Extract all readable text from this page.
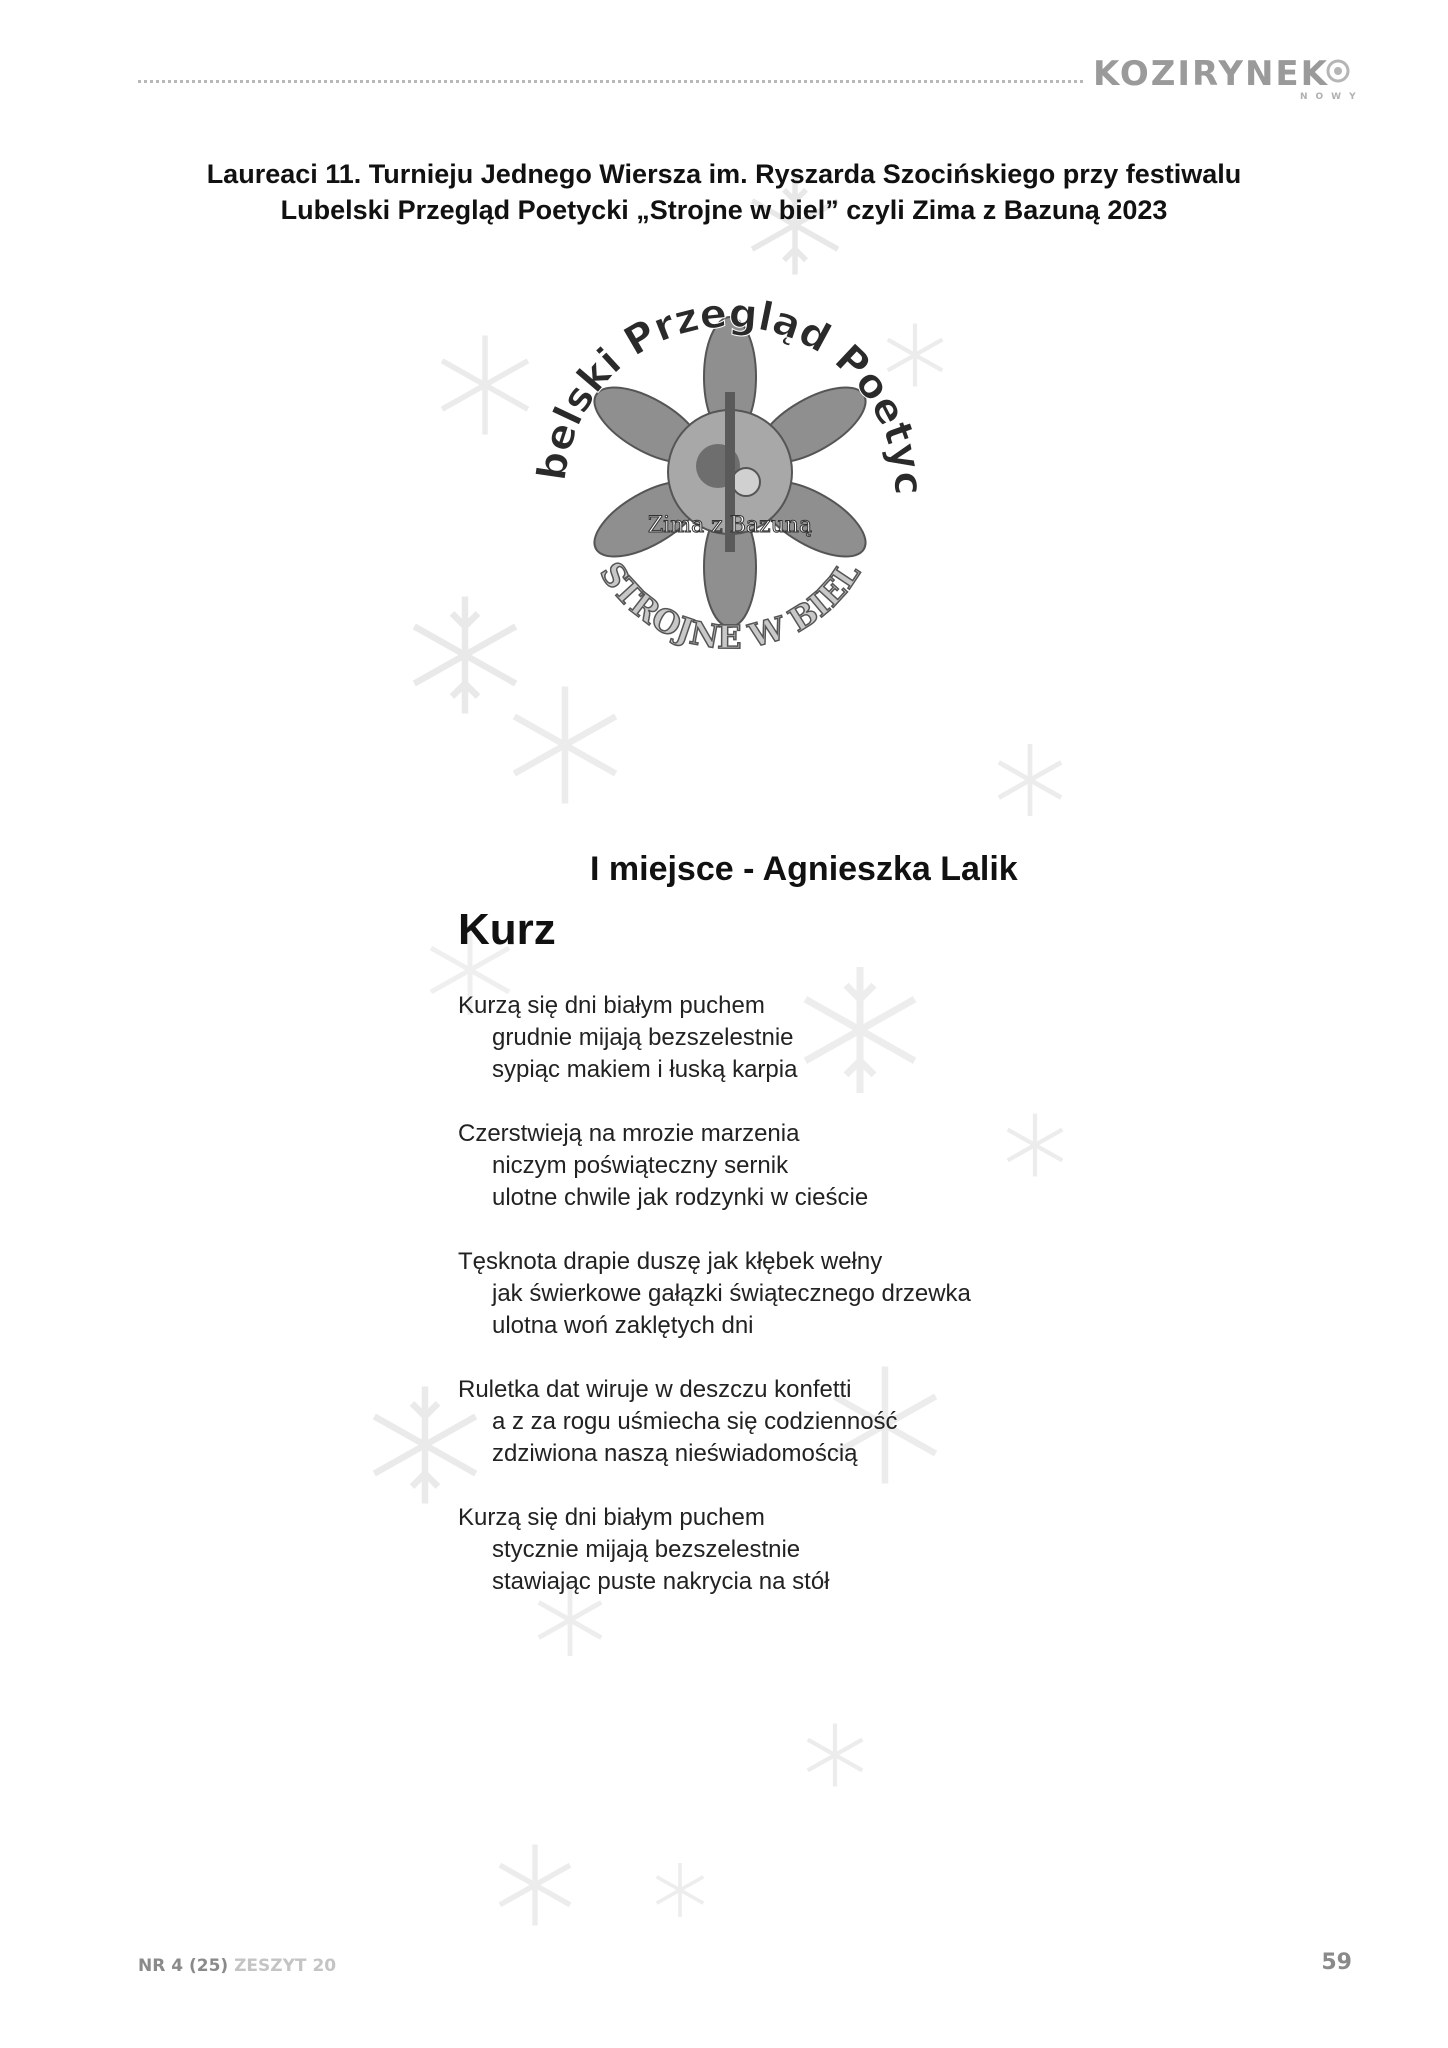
KOZIRYNEK
NOWY
Laureaci 11. Turnieju Jednego Wiersza im. Ryszarda Szocińskiego przy festiwalu
Lubelski Przegląd Poetycki „Strojne w biel” czyli Zima z Bazuną 2023
belski Przegląd Poetyc
Zima z Bazuną
STROJNE W BIEL
I miejsce - Agnieszka Lalik
Kurz
Kurzą się dni białym puchem
grudnie mijają bezszelestnie
sypiąc makiem i łuską karpia
Czerstwieją na mrozie marzenia
niczym poświąteczny sernik
ulotne chwile jak rodzynki w cieście
Tęsknota drapie duszę jak kłębek wełny
jak świerkowe gałązki świątecznego drzewka
ulotna woń zaklętych dni
Ruletka dat wiruje w deszczu konfetti
a z za rogu uśmiecha się codzienność
zdziwiona naszą nieświadomością
Kurzą się dni białym puchem
stycznie mijają bezszelestnie
stawiając puste nakrycia na stół
NR 4 (25) ZESZYT 20	59
